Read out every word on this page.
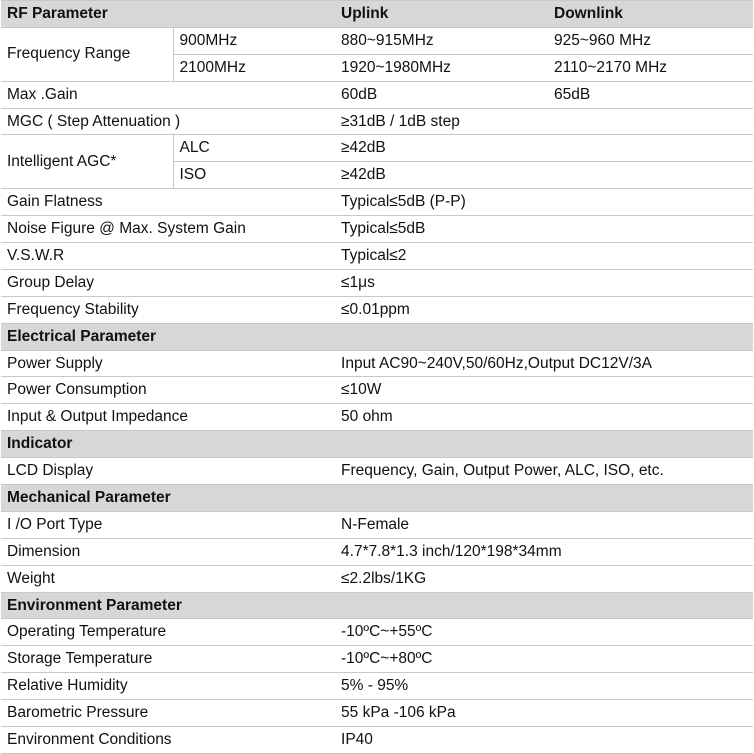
RF Parameter		Uplink	Downlink
Frequency Range	900MHz	880~915MHz	925~960 MHz
	2100MHz	1920~1980MHz	2110~2170 MHz
Max .Gain		60dB	65dB
MGC ( Step Attenuation )		≥31dB / 1dB step	
Intelligent AGC*	ALC	≥42dB	
	ISO	≥42dB	
Gain Flatness		Typical≤5dB (P-P)	
Noise Figure @ Max. System Gain		Typical≤5dB	
V.S.W.R		Typical≤2	
Group Delay		≤1μs	
Frequency Stability		≤0.01ppm	
Electrical Parameter			
Power Supply		Input AC90~240V,50/60Hz,Output DC12V/3A	
Power Consumption		≤10W	
Input & Output Impedance		50 ohm	
Indicator			
LCD Display		Frequency, Gain, Output Power, ALC, ISO, etc.	
Mechanical Parameter			
I /O Port Type		N-Female	
Dimension		4.7*7.8*1.3 inch/120*198*34mm	
Weight		≤2.2lbs/1KG	
Environment Parameter			
Operating Temperature		-10ºC~+55ºC	
Storage Temperature		-10ºC~+80ºC	
Relative Humidity		5% - 95%	
Barometric Pressure		55 kPa -106 kPa	
Environment Conditions		IP40	
